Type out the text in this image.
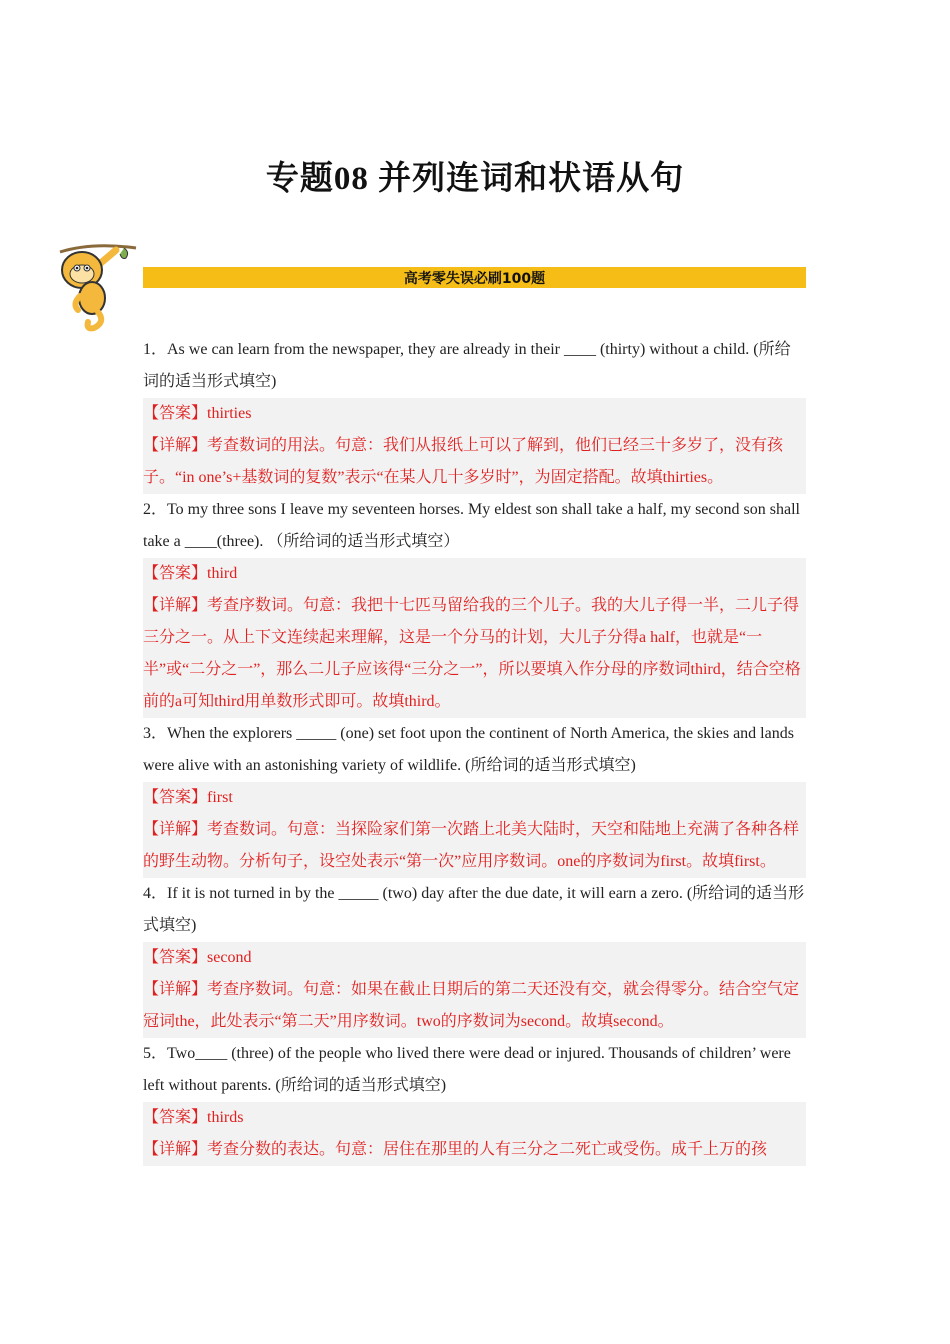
专题08 并列连词和状语从句
高考零失误必刷100题
1．As we can learn from the newspaper, they are already in their ____ (thirty) without a child. (所给词的适当形式填空)
【答案】thirties
【详解】考查数词的用法。句意：我们从报纸上可以了解到，他们已经三十多岁了，没有孩子。“in one’s+基数词的复数”表示“在某人几十多岁时”，为固定搭配。故填thirties。
2．To my three sons I leave my seventeen horses. My eldest son shall take a half, my second son shall take a ____(three). （所给词的适当形式填空）
【答案】third
【详解】考查序数词。句意：我把十七匹马留给我的三个儿子。我的大儿子得一半，二儿子得三分之一。从上下文连续起来理解，这是一个分马的计划，大儿子分得a half，也就是“一半”或“二分之一”，那么二儿子应该得“三分之一”，所以要填入作分母的序数词third，结合空格前的a可知third用单数形式即可。故填third。
3．When the explorers _____ (one) set foot upon the continent of North America, the skies and lands were alive with an astonishing variety of wildlife. (所给词的适当形式填空)
【答案】first
【详解】考查数词。句意：当探险家们第一次踏上北美大陆时，天空和陆地上充满了各种各样的野生动物。分析句子，设空处表示“第一次”应用序数词。one的序数词为first。故填first。
4．If it is not turned in by the _____ (two) day after the due date, it will earn a zero. (所给词的适当形式填空)
【答案】second
【详解】考查序数词。句意：如果在截止日期后的第二天还没有交，就会得零分。结合空气定冠词the，此处表示“第二天”用序数词。two的序数词为second。故填second。
5．Two____ (three) of the people who lived there were dead or injured. Thousands of children’ were left without parents. (所给词的适当形式填空)
【答案】thirds
【详解】考查分数的表达。句意：居住在那里的人有三分之二死亡或受伤。成千上万的孩
